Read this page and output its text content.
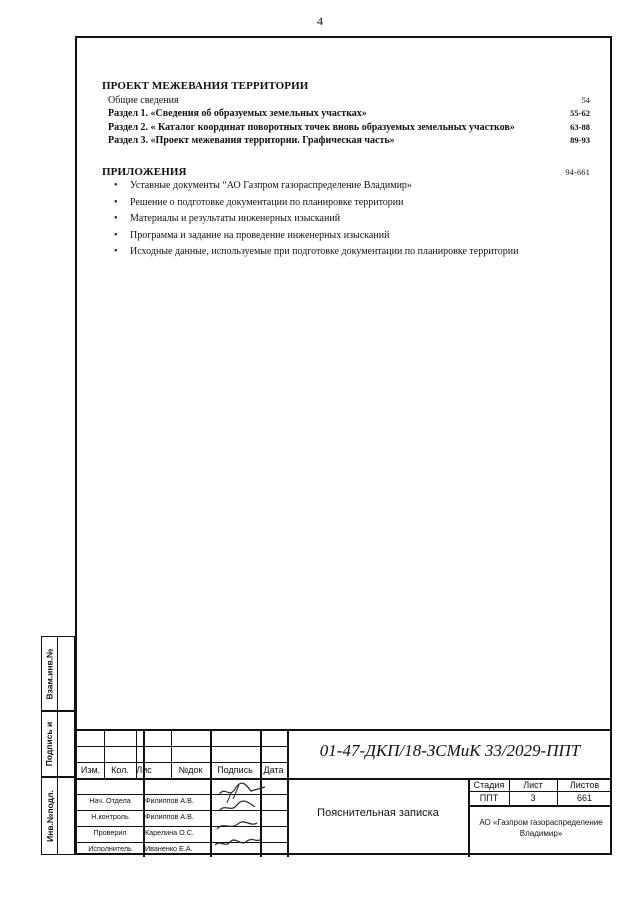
4
ПРОЕКТ МЕЖЕВАНИЯ ТЕРРИТОРИИ
Общие сведения	54
Раздел 1. «Сведения об образуемых земельных участках»	55-62
Раздел 2. « Каталог координат поворотных точек вновь образуемых земельных участков»	63-88
Раздел 3. «Проект межевания территории. Графическая часть»	89-93
ПРИЛОЖЕНИЯ	94-661
• Уставные документы “АО Газпром газораспределение Владимир»
• Решение о подготовке документации по планировке территории
• Материалы и результаты инженерных изысканий
• Программа и задание на проведение инженерных изысканий
• Исходные данные, используемые при подготовке документации по планировке территории
Взам.инв.№
Подпись и
Инв.№подл.
Изм.	Кол. Лис	№док	Подпись	Дата
01-47-ДКП/18-ЗСМиК 33/2029-ППТ
Нач. Отдела	Филиппов А.В.
Н.контроль	Филиппов А.В.
Проверил	Карелина О.С.
Исполнитель	Иваненко Е.А.
Пояснительная записка
Стадия	Лист	Листов
ППТ	3	661
АО «Газпром газораспределение Владимир»
